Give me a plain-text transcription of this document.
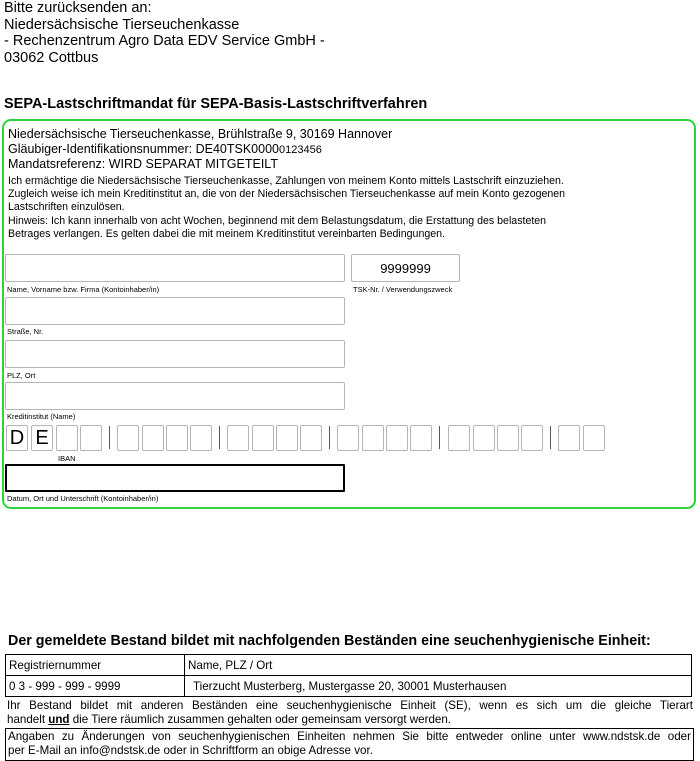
Bitte zurücksenden an:
Niedersächsische Tierseuchenkasse
- Rechenzentrum Agro Data EDV Service GmbH -
03062 Cottbus
SEPA-Lastschriftmandat für SEPA-Basis-Lastschriftverfahren
Niedersächsische Tierseuchenkasse, Brühlstraße 9, 30169 Hannover
Gläubiger-Identifikationsnummer: DE40TSK00000123456
Mandatsreferenz: WIRD SEPARAT MITGETEILT
Ich ermächtige die Niedersächsische Tierseuchenkasse, Zahlungen von meinem Konto mittels Lastschrift einzuziehen.
Zugleich weise ich mein Kreditinstitut an, die von der Niedersächsischen Tierseuchenkasse auf mein Konto gezogenen
Lastschriften einzulösen.
Hinweis: Ich kann innerhalb von acht Wochen, beginnend mit dem Belastungsdatum, die Erstattung des belasteten
Betrages verlangen. Es gelten dabei die mit meinem Kreditinstitut vereinbarten Bedingungen.
Name, Vorname bzw. Firma (Kontoinhaber/in)
9999999
TSK-Nr. / Verwendungszweck
Straße, Nr.
PLZ, Ort
Kreditinstitut (Name)
D E
IBAN
Datum, Ort und Unterschrift (Kontoinhaber/in)
Der gemeldete Bestand bildet mit nachfolgenden Beständen eine seuchenhygienische Einheit:
Registriernummer	Name, PLZ / Ort
0 3 - 999 - 999 - 9999	Tierzucht Musterberg, Mustergasse 20, 30001 Musterhausen
Ihr Bestand bildet mit anderen Beständen eine seuchenhygienische Einheit (SE), wenn es sich um die gleiche Tierart
handelt und die Tiere räumlich zusammen gehalten oder gemeinsam versorgt werden.
Angaben zu Änderungen von seuchenhygienischen Einheiten nehmen Sie bitte entweder online unter www.ndstsk.de oder
per E-Mail an info@ndstsk.de oder in Schriftform an obige Adresse vor.
